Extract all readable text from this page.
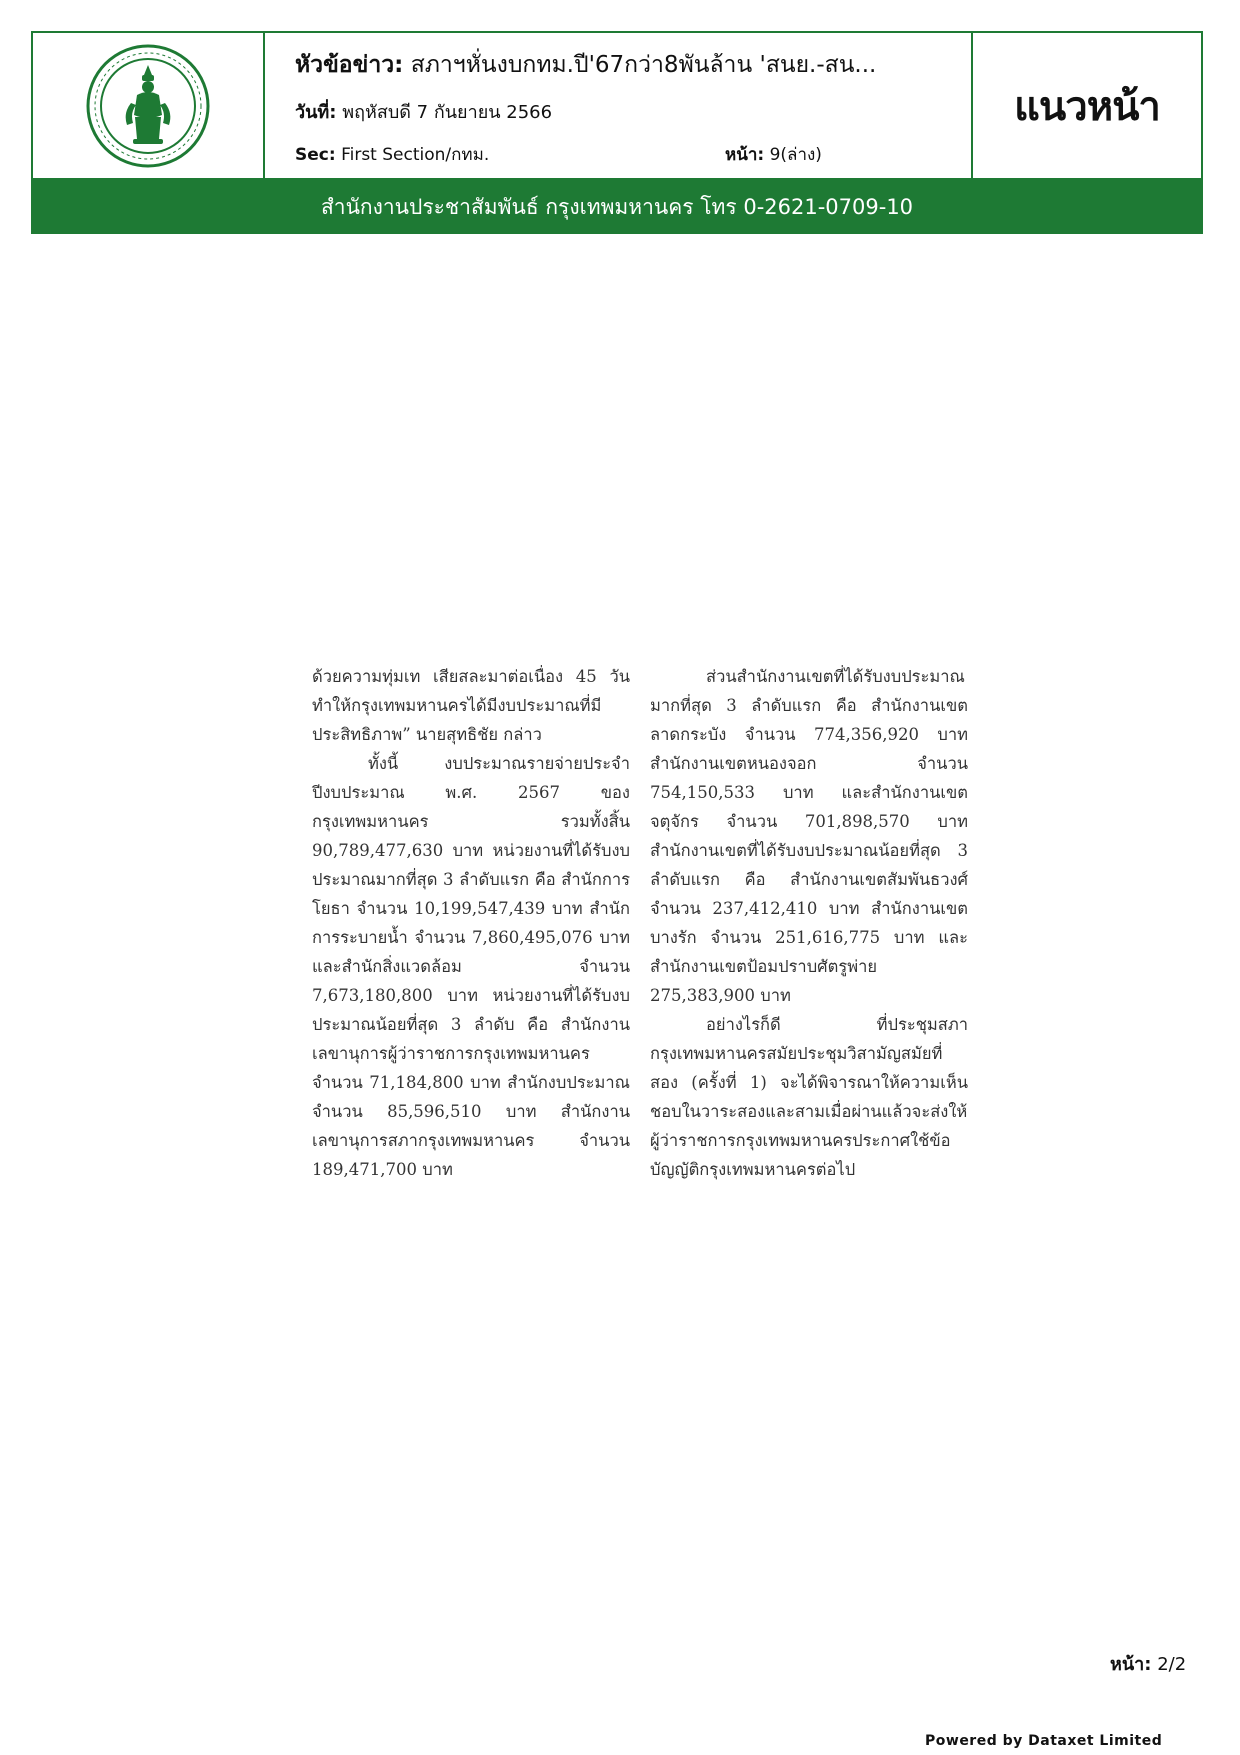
หัวข้อข่าว: สภาฯหั่นงบกทม.ปี'67กว่า8พันล้าน 'สนย.-สน...
วันที่: พฤหัสบดี 7 กันยายน 2566
Sec: First Section/กทม.	หน้า: 9(ล่าง)
แนวหน้า
สำนักงานประชาสัมพันธ์ กรุงเทพมหานคร โทร 0-2621-0709-10

ด้วยความทุ่มเท เสียสละมาต่อเนื่อง 45 วัน ทำให้กรุงเทพมหานครได้มีงบประมาณที่มีประสิทธิภาพ” นายสุทธิชัย กล่าว

ทั้งนี้ งบประมาณรายจ่ายประจำปีงบประมาณ พ.ศ. 2567 ของกรุงเทพมหานคร รวมทั้งสิ้น 90,789,477,630 บาท หน่วยงานที่ได้รับงบประมาณมากที่สุด 3 ลำดับแรก คือ สำนักการโยธา จำนวน 10,199,547,439 บาท สำนักการระบายน้ำ จำนวน 7,860,495,076 บาท และสำนักสิ่งแวดล้อม จำนวน 7,673,180,800 บาท หน่วยงานที่ได้รับงบประมาณน้อยที่สุด 3 ลำดับ คือ สำนักงานเลขานุการผู้ว่าราชการกรุงเทพมหานคร จำนวน 71,184,800 บาท สำนักงบประมาณ จำนวน 85,596,510 บาท สำนักงานเลขานุการสภากรุงเทพมหานคร จำนวน 189,471,700 บาท

ส่วนสำนักงานเขตที่ได้รับงบประมาณมากที่สุด 3 ลำดับแรก คือ สำนักงานเขตลาดกระบัง จำนวน 774,356,920 บาท สำนักงานเขตหนองจอก จำนวน 754,150,533 บาท และสำนักงานเขตจตุจักร จำนวน 701,898,570 บาท สำนักงานเขตที่ได้รับงบประมาณน้อยที่สุด 3 ลำดับแรก คือ สำนักงานเขตสัมพันธวงศ์ จำนวน 237,412,410 บาท สำนักงานเขตบางรัก จำนวน 251,616,775 บาท และสำนักงานเขตป้อมปราบศัตรูพ่าย 275,383,900 บาท

อย่างไรก็ดี ที่ประชุมสภากรุงเทพมหานครสมัยประชุมวิสามัญสมัยที่สอง (ครั้งที่ 1) จะได้พิจารณาให้ความเห็นชอบในวาระสองและสามเมื่อผ่านแล้วจะส่งให้ผู้ว่าราชการกรุงเทพมหานครประกาศใช้ข้อบัญญัติกรุงเทพมหานครต่อไป

หน้า: 2/2
Powered by Dataxet Limited
